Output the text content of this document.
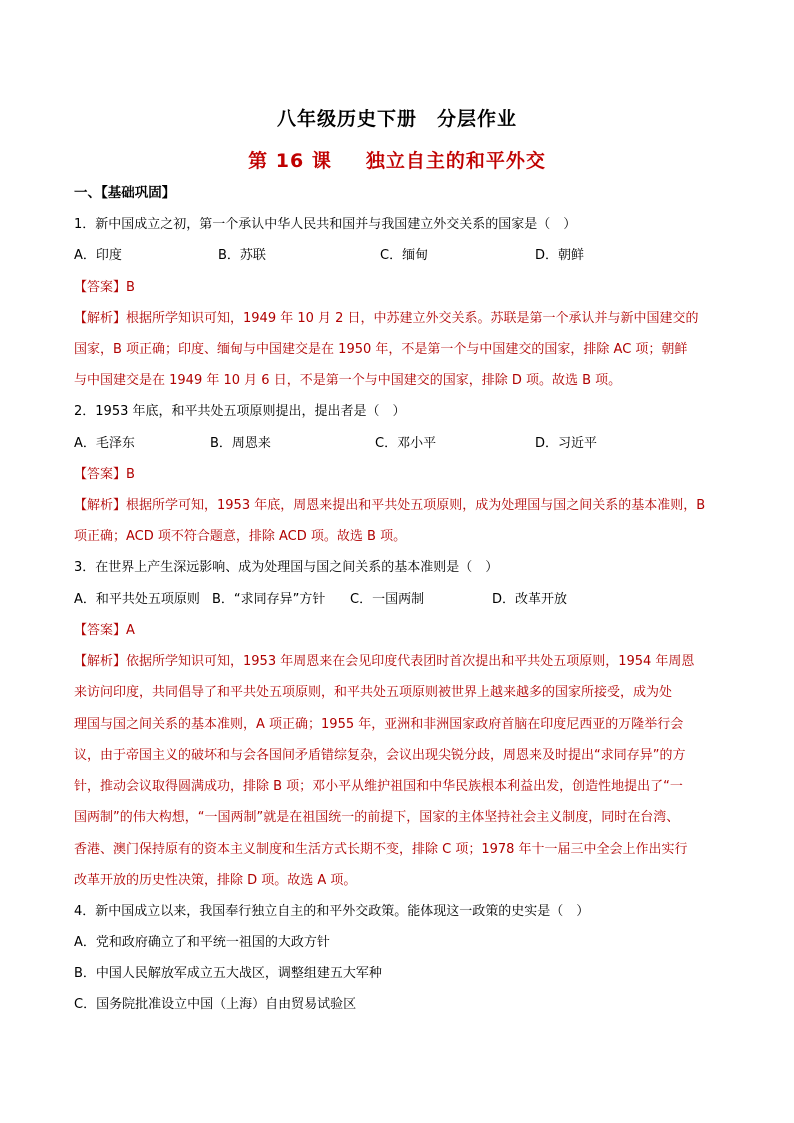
八年级历史下册　分层作业
第 16 课 独立自主的和平外交
一、【基础巩固】
1．新中国成立之初，第一个承认中华人民共和国并与我国建立外交关系的国家是（　）
A．印度	B．苏联	C．缅甸	D．朝鲜
【答案】B
【解析】根据所学知识可知，1949 年 10 月 2 日，中苏建立外交关系。苏联是第一个承认并与新中国建交的
国家，B 项正确；印度、缅甸与中国建交是在 1950 年，不是第一个与中国建交的国家，排除 AC 项；朝鲜
与中国建交是在 1949 年 10 月 6 日，不是第一个与中国建交的国家，排除 D 项。故选 B 项。
2．1953 年底，和平共处五项原则提出，提出者是（　）
A．毛泽东	B．周恩来	C．邓小平	D．习近平
【答案】B
【解析】根据所学可知，1953 年底，周恩来提出和平共处五项原则，成为处理国与国之间关系的基本准则，B
项正确；ACD 项不符合题意，排除 ACD 项。故选 B 项。
3．在世界上产生深远影响、成为处理国与国之间关系的基本准则是（　）
A．和平共处五项原则 B．“求同存异”方针 C．一国两制	D．改革开放
【答案】A
【解析】依据所学知识可知，1953 年周恩来在会见印度代表团时首次提出和平共处五项原则，1954 年周恩
来访问印度，共同倡导了和平共处五项原则，和平共处五项原则被世界上越来越多的国家所接受，成为处
理国与国之间关系的基本准则，A 项正确；1955 年，亚洲和非洲国家政府首脑在印度尼西亚的万隆举行会
议，由于帝国主义的破坏和与会各国间矛盾错综复杂，会议出现尖锐分歧，周恩来及时提出“求同存异”的方
针，推动会议取得圆满成功，排除 B 项；邓小平从维护祖国和中华民族根本利益出发，创造性地提出了“一
国两制”的伟大构想，“一国两制”就是在祖国统一的前提下，国家的主体坚持社会主义制度，同时在台湾、
香港、澳门保持原有的资本主义制度和生活方式长期不变，排除 C 项；1978 年十一届三中全会上作出实行
改革开放的历史性决策，排除 D 项。故选 A 项。
4．新中国成立以来，我国奉行独立自主的和平外交政策。能体现这一政策的史实是（　）
A．党和政府确立了和平统一祖国的大政方针
B．中国人民解放军成立五大战区，调整组建五大军种
C．国务院批准设立中国（上海）自由贸易试验区
